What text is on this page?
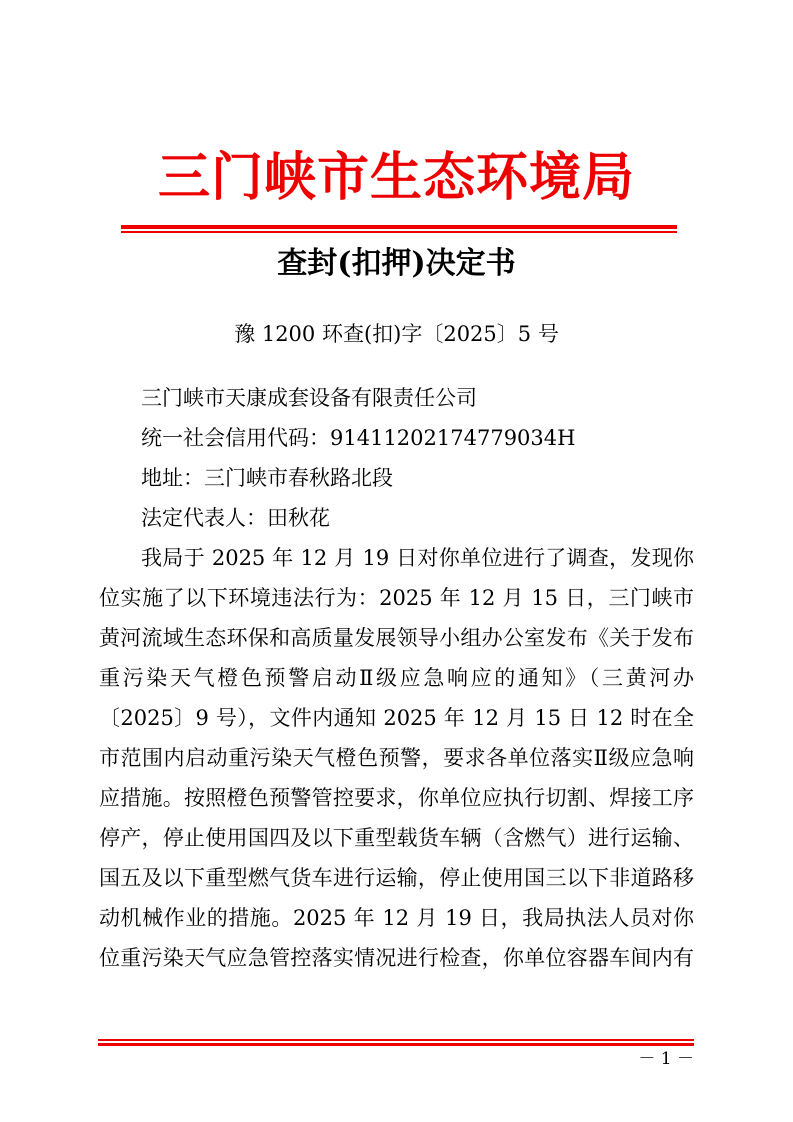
三门峡市生态环境局
查封(扣押)决定书
豫 1200 环查(扣)字〔2025〕5 号
三门峡市天康成套设备有限责任公司
统一社会信用代码：91411202174779034H
地址：三门峡市春秋路北段
法定代表人：田秋花
我局于 2025 年 12 月 19 日对你单位进行了调查，发现你
位实施了以下环境违法行为：2025 年 12 月 15 日，三门峡市
黄河流域生态环保和高质量发展领导小组办公室发布《关于发布
重污染天气橙色预警启动Ⅱ级应急响应的通知》（三黄河办
〔2025〕9 号），文件内通知 2025 年 12 月 15 日 12 时在全
市范围内启动重污染天气橙色预警，要求各单位落实Ⅱ级应急响
应措施。按照橙色预警管控要求，你单位应执行切割、焊接工序
停产，停止使用国四及以下重型载货车辆（含燃气）进行运输、
国五及以下重型燃气货车进行运输，停止使用国三以下非道路移
动机械作业的措施。2025 年 12 月 19 日，我局执法人员对你
位重污染天气应急管控落实情况进行检查，你单位容器车间内有
－ 1 －
